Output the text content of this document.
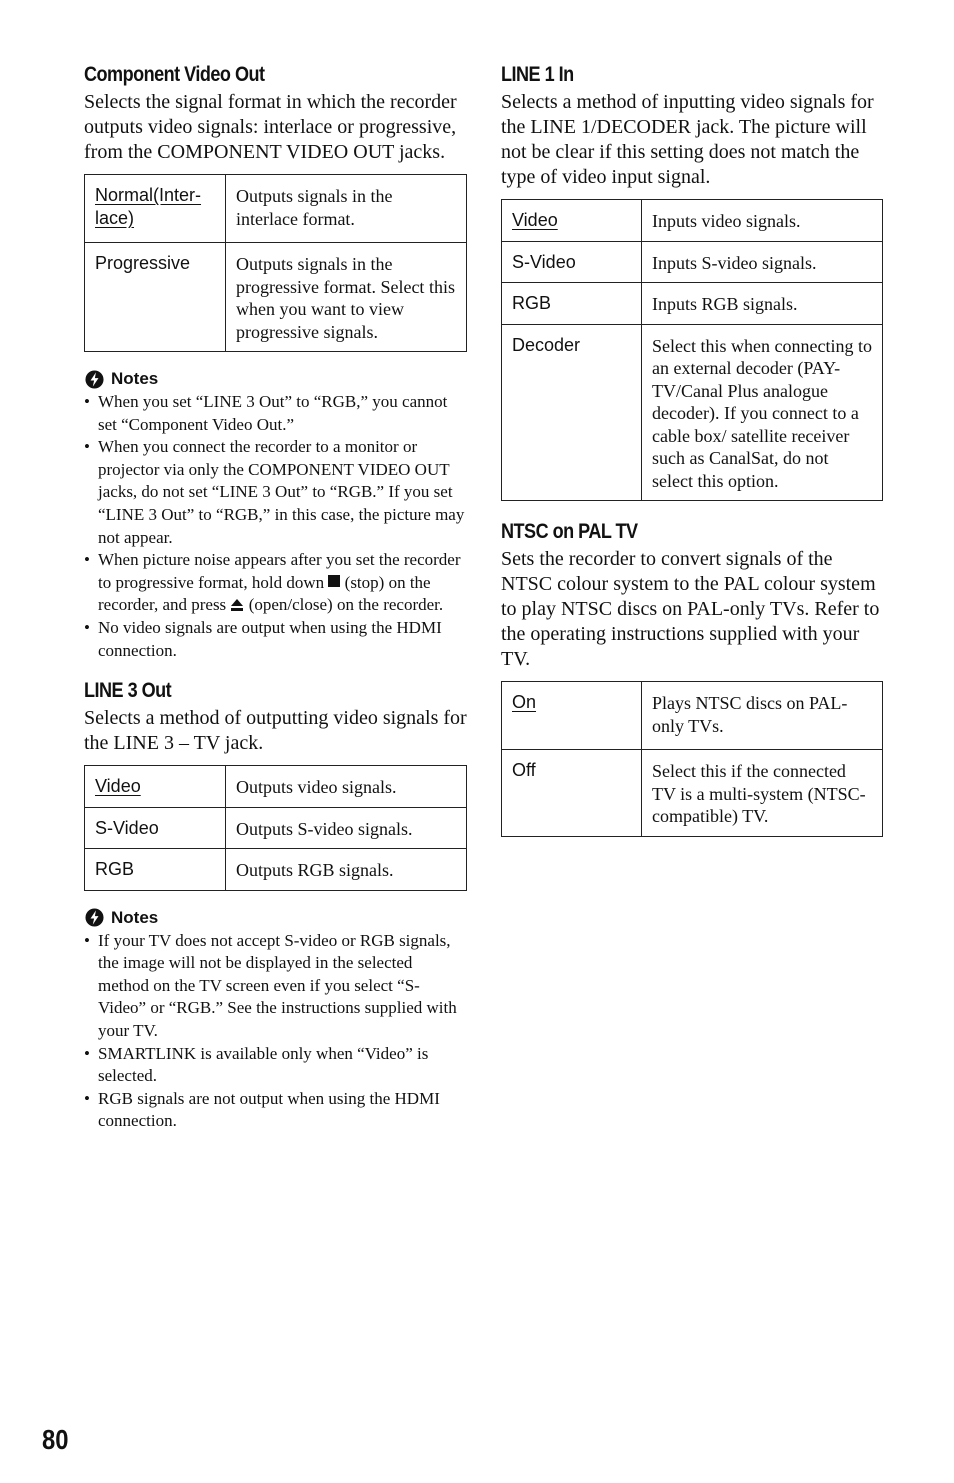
Component Video Out

Selects the signal format in which the recorder outputs video signals: interlace or progressive, from the COMPONENT VIDEO OUT jacks.

Normal(Inter-
lace)	Outputs signals in the interlace format.
Progressive	Outputs signals in the progressive format. Select this when you want to view progressive signals.
Notes
• When you set “LINE 3 Out” to “RGB,” you cannot set “Component Video Out.”
• When you connect the recorder to a monitor or projector via only the COMPONENT VIDEO OUT jacks, do not set “LINE 3 Out” to “RGB.” If you set “LINE 3 Out” to “RGB,” in this case, the picture may not appear.
• When picture noise appears after you set the recorder to progressive format, hold down  (stop) on the recorder, and press  (open/close) on the recorder.
• No video signals are output when using the HDMI connection.
LINE 3 Out

Selects a method of outputting video signals for the LINE 3 – TV jack.

Video	Outputs video signals.
S-Video	Outputs S-video signals.
RGB	Outputs RGB signals.
Notes
• If your TV does not accept S-video or RGB signals, the image will not be displayed in the selected method on the TV screen even if you select “S-Video” or “RGB.” See the instructions supplied with your TV.
• SMARTLINK is available only when “Video” is selected.
• RGB signals are not output when using the HDMI connection.
LINE 1 In

Selects a method of inputting video signals for the LINE 1/DECODER jack. The picture will not be clear if this setting does not match the type of video input signal.

Video	Inputs video signals.
S-Video	Inputs S-video signals.
RGB	Inputs RGB signals.
Decoder	Select this when connecting to an external decoder (PAY-TV/Canal Plus analogue decoder). If you connect to a cable box/ satellite receiver such as CanalSat, do not select this option.
NTSC on PAL TV

Sets the recorder to convert signals of the NTSC colour system to the PAL colour system to play NTSC discs on PAL-only TVs. Refer to the operating instructions supplied with your TV.

On	Plays NTSC discs on PAL-only TVs.
Off	Select this if the connected TV is a multi-system (NTSC-compatible) TV.
80
